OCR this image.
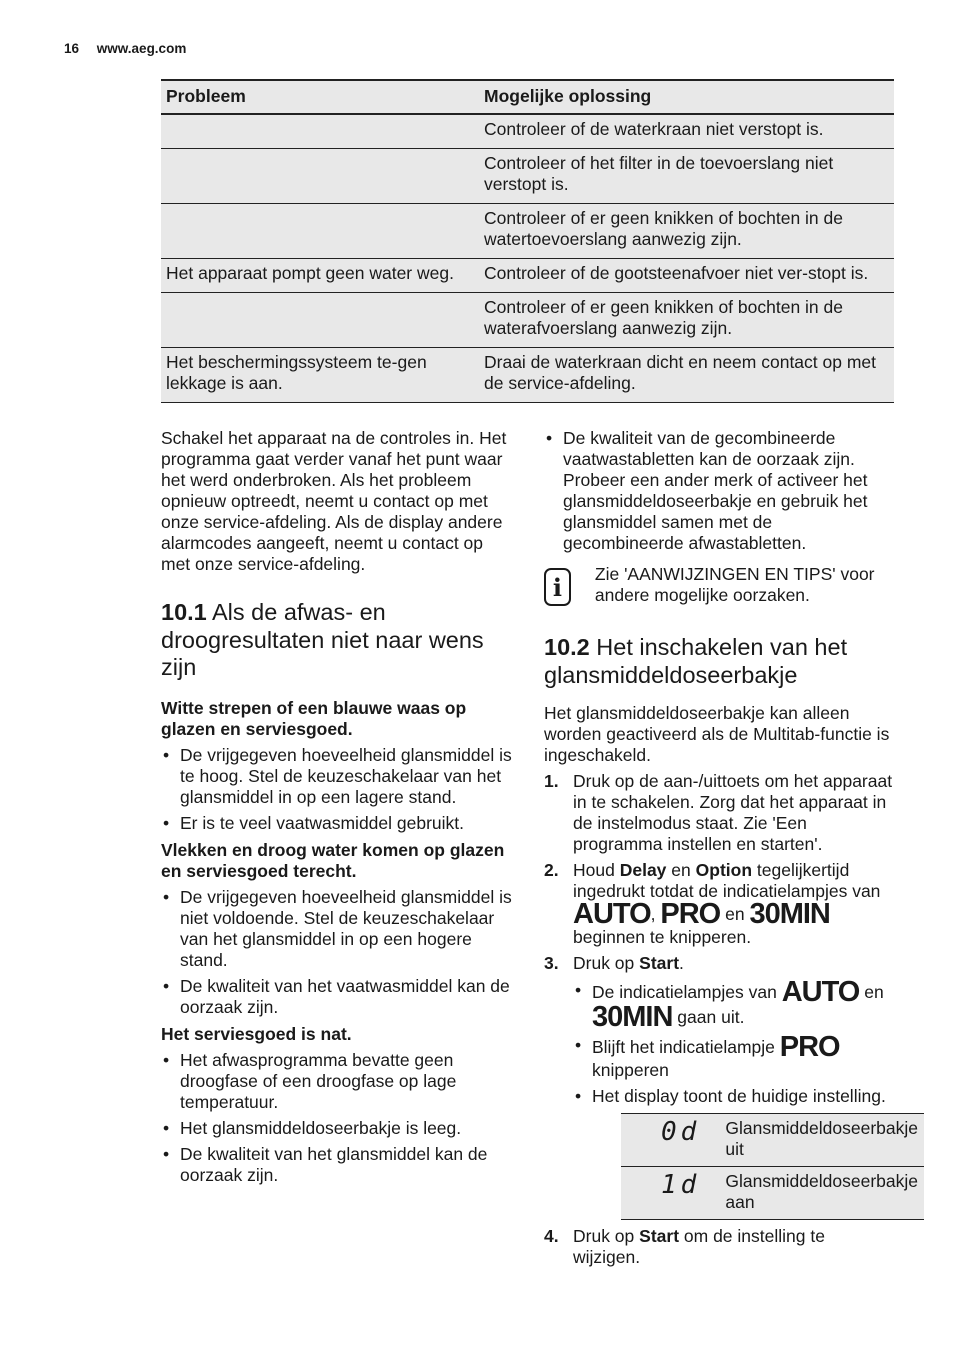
16 www.aeg.com
Probleem	Mogelijke oplossing
	Controleer of de waterkraan niet verstopt is.
	Controleer of het filter in de toevoerslang niet verstopt is.
	Controleer of er geen knikken of bochten in de watertoevoerslang aanwezig zijn.
Het apparaat pompt geen water weg.	Controleer of de gootsteenafvoer niet ver-stopt is.
	Controleer of er geen knikken of bochten in de waterafvoerslang aanwezig zijn.
Het beschermingssysteem te-gen lekkage is aan.	Draai de waterkraan dicht en neem contact op met de service-afdeling.

Schakel het apparaat na de controles in. Het programma gaat verder vanaf het punt waar het werd onderbroken. Als het probleem opnieuw optreedt, neemt u contact op met onze service-afdeling. Als de display andere alarmcodes aangeeft, neemt u contact op met onze service-afdeling.

10.1 Als de afwas- en droogresultaten niet naar wens zijn
Witte strepen of een blauwe waas op glazen en serviesgoed.
• De vrijgegeven hoeveelheid glansmiddel is te hoog. Stel de keuzeschakelaar van het glansmiddel in op een lagere stand.
• Er is te veel vaatwasmiddel gebruikt.
Vlekken en droog water komen op glazen en serviesgoed terecht.
• De vrijgegeven hoeveelheid glansmiddel is niet voldoende. Stel de keuzeschakelaar van het glansmiddel in op een hogere stand.
• De kwaliteit van het vaatwasmiddel kan de oorzaak zijn.
Het serviesgoed is nat.
• Het afwasprogramma bevatte geen droogfase of een droogfase op lage temperatuur.
• Het glansmiddeldoseerbakje is leeg.
• De kwaliteit van het glansmiddel kan de oorzaak zijn.
• De kwaliteit van de gecombineerde vaatwastabletten kan de oorzaak zijn. Probeer een ander merk of activeer het glansmiddeldoseerbakje en gebruik het glansmiddel samen met de gecombineerde afwastabletten.
i	Zie 'AANWIJZINGEN EN TIPS' voor andere mogelijke oorzaken.

10.2 Het inschakelen van het glansmiddeldoseerbakje

Het glansmiddeldoseerbakje kan alleen worden geactiveerd als de Multitab-functie is ingeschakeld.

1. Druk op de aan-/uittoets om het apparaat in te schakelen. Zorg dat het apparaat in de instelmodus staat. Zie 'Een programma instellen en starten'.
2. Houd Delay en Option tegelijkertijd ingedrukt totdat de indicatielampjes van AUTO, PRO en 30MIN beginnen te knipperen.
3. Druk op Start.
• De indicatielampjes van AUTO en 30MIN gaan uit.
• Blijft het indicatielampje PRO knipperen
• Het display toont de huidige instelling.
0d	Glansmiddeldoseerbakje uit
1d	Glansmiddeldoseerbakje aan
4. Druk op Start om de instelling te wijzigen.
